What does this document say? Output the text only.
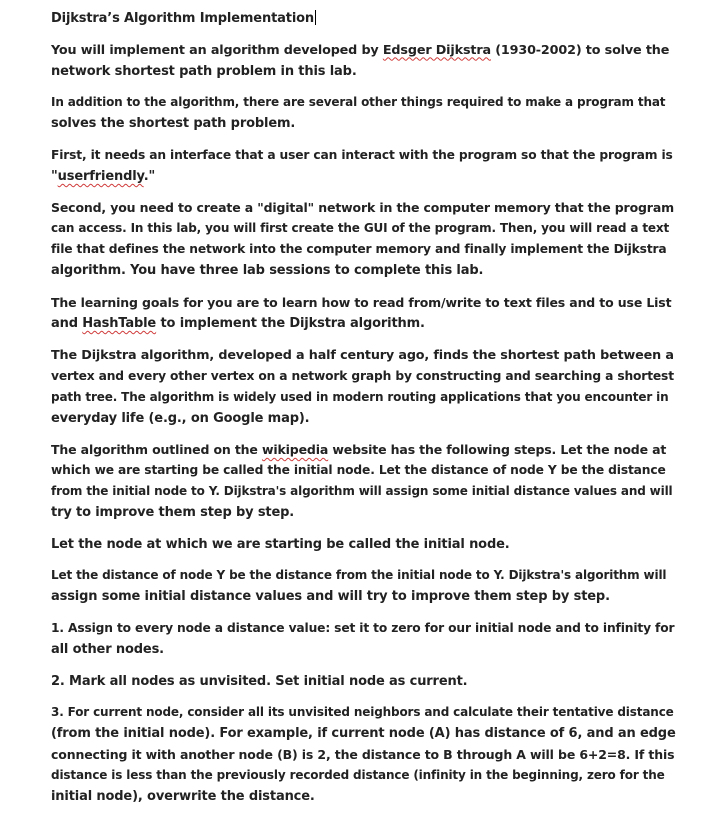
Dijkstra’s Algorithm Implementation
You will implement an algorithm developed by Edsger Dijkstra (1930-2002) to solve the
network shortest path problem in this lab.
In addition to the algorithm, there are several other things required to make a program that
solves the shortest path problem.
First, it needs an interface that a user can interact with the program so that the program is
"userfriendly."
Second, you need to create a "digital" network in the computer memory that the program
can access. In this lab, you will first create the GUI of the program. Then, you will read a text
file that defines the network into the computer memory and finally implement the Dijkstra
algorithm. You have three lab sessions to complete this lab.
The learning goals for you are to learn how to read from/write to text files and to use List
and HashTable to implement the Dijkstra algorithm.
The Dijkstra algorithm, developed a half century ago, finds the shortest path between a
vertex and every other vertex on a network graph by constructing and searching a shortest
path tree. The algorithm is widely used in modern routing applications that you encounter in
everyday life (e.g., on Google map).
The algorithm outlined on the wikipedia website has the following steps. Let the node at
which we are starting be called the initial node. Let the distance of node Y be the distance
from the initial node to Y. Dijkstra's algorithm will assign some initial distance values and will
try to improve them step by step.
Let the node at which we are starting be called the initial node.
Let the distance of node Y be the distance from the initial node to Y. Dijkstra's algorithm will
assign some initial distance values and will try to improve them step by step.
1. Assign to every node a distance value: set it to zero for our initial node and to infinity for
all other nodes.
2. Mark all nodes as unvisited. Set initial node as current.
3. For current node, consider all its unvisited neighbors and calculate their tentative distance
(from the initial node). For example, if current node (A) has distance of 6, and an edge
connecting it with another node (B) is 2, the distance to B through A will be 6+2=8. If this
distance is less than the previously recorded distance (infinity in the beginning, zero for the
initial node), overwrite the distance.
